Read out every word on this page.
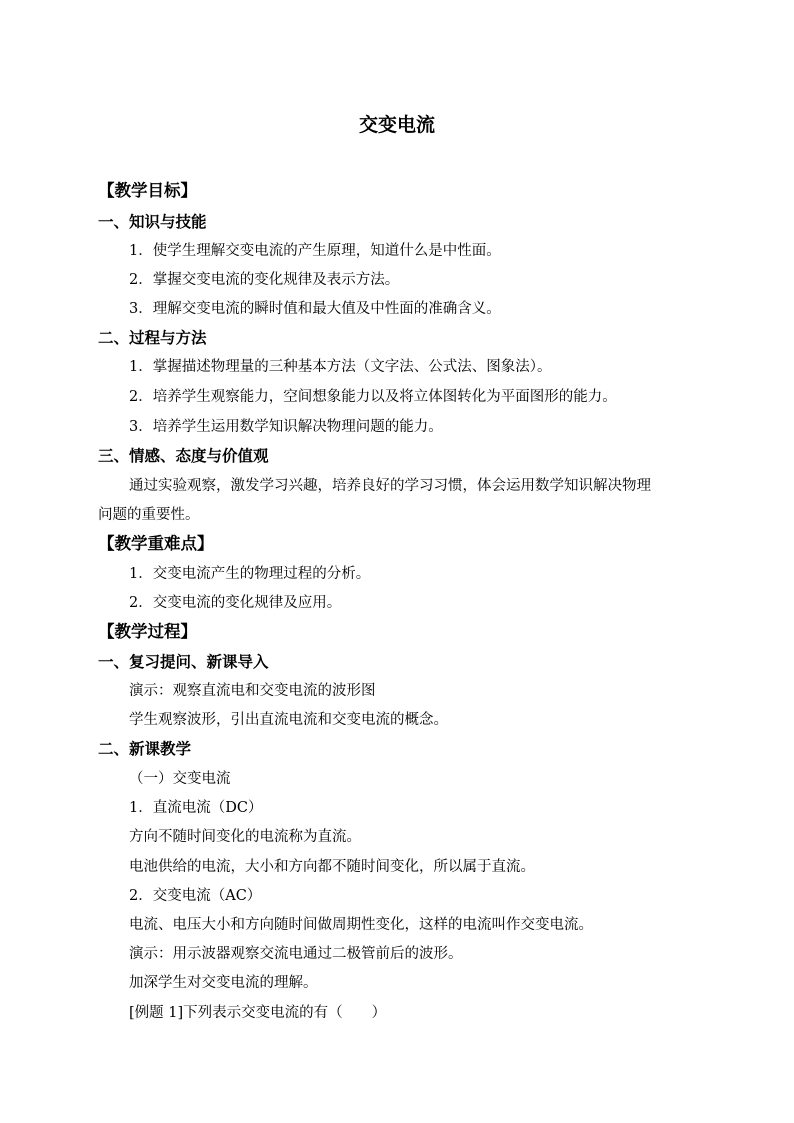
交变电流
【教学目标】
一、知识与技能
1．使学生理解交变电流的产生原理，知道什么是中性面。
2．掌握交变电流的变化规律及表示方法。
3．理解交变电流的瞬时值和最大值及中性面的准确含义。
二、过程与方法
1．掌握描述物理量的三种基本方法（文字法、公式法、图象法）。
2．培养学生观察能力，空间想象能力以及将立体图转化为平面图形的能力。
3．培养学生运用数学知识解决物理问题的能力。
三、情感、态度与价值观
通过实验观察，激发学习兴趣，培养良好的学习习惯，体会运用数学知识解决物理
问题的重要性。
【教学重难点】
1．交变电流产生的物理过程的分析。
2．交变电流的变化规律及应用。
【教学过程】
一、复习提问、新课导入
演示：观察直流电和交变电流的波形图
学生观察波形，引出直流电流和交变电流的概念。
二、新课教学
（一）交变电流
1．直流电流（DC）
方向不随时间变化的电流称为直流。
电池供给的电流，大小和方向都不随时间变化，所以属于直流。
2．交变电流（AC）
电流、电压大小和方向随时间做周期性变化，这样的电流叫作交变电流。
演示：用示波器观察交流电通过二极管前后的波形。
加深学生对交变电流的理解。
[例题 1]下列表示交变电流的有（　　）
